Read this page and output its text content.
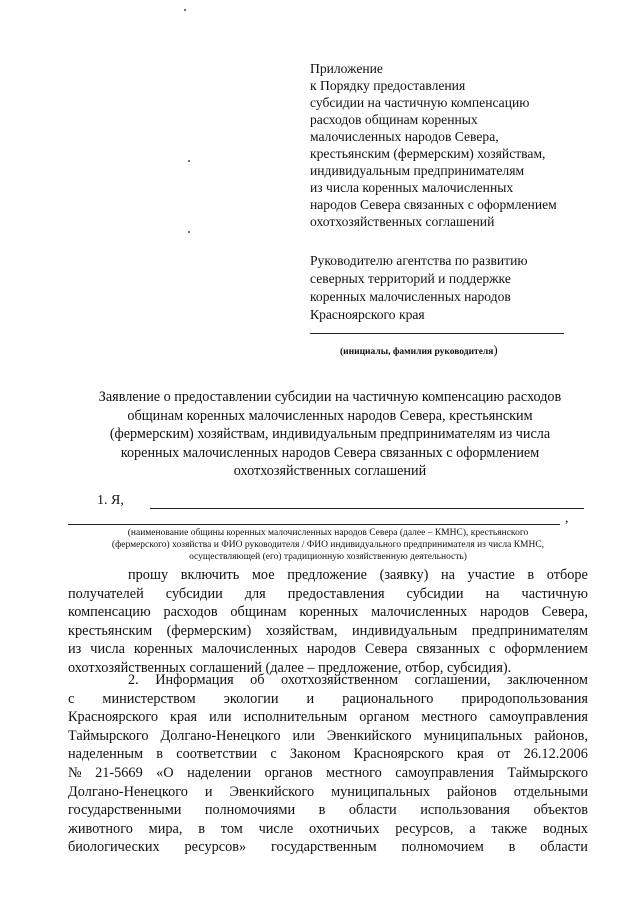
Приложение
к Порядку предоставления
субсидии на частичную компенсацию
расходов общинам коренных
малочисленных народов Севера,
крестьянским (фермерским) хозяйствам,
индивидуальным предпринимателям
из числа коренных малочисленных
народов Севера связанных с оформлением
охотхозяйственных соглашений
Руководителю агентства по развитию
северных территорий и поддержке
коренных малочисленных народов
Красноярского края
(инициалы, фамилия руководителя)
Заявление о предоставлении субсидии на частичную компенсацию расходов
общинам коренных малочисленных народов Севера, крестьянским
(фермерским) хозяйствам, индивидуальным предпринимателям из числа
коренных малочисленных народов Севера связанных с оформлением
охотхозяйственных соглашений
1. Я,
,
(наименование общины коренных малочисленных народов Севера (далее – КМНС), крестьянского
(фермерского) хозяйства и ФИО руководителя / ФИО индивидуального предпринимателя из числа КМНС,
осуществляющей (его) традиционную хозяйственную деятельность)
прошу включить мое предложение (заявку) на участие в отборе
получателей субсидии для предоставления субсидии на частичную
компенсацию расходов общинам коренных малочисленных народов Севера,
крестьянским (фермерским) хозяйствам, индивидуальным предпринимателям
из числа коренных малочисленных народов Севера связанных с оформлением
охотхозяйственных соглашений (далее – предложение, отбор, субсидия).
2. Информация об охотхозяйственном соглашении, заключенном
с министерством экологии и рационального природопользования
Красноярского края или исполнительным органом местного самоуправления
Таймырского Долгано-Ненецкого или Эвенкийского муниципальных районов,
наделенным в соответствии с Законом Красноярского края от 26.12.2006
№ 21-5669 «О наделении органов местного самоуправления Таймырского
Долгано-Ненецкого и Эвенкийского муниципальных районов отдельными
государственными полномочиями в области использования объектов
животного мира, в том числе охотничьих ресурсов, а также водных
биологических ресурсов» государственным полномочием в области
